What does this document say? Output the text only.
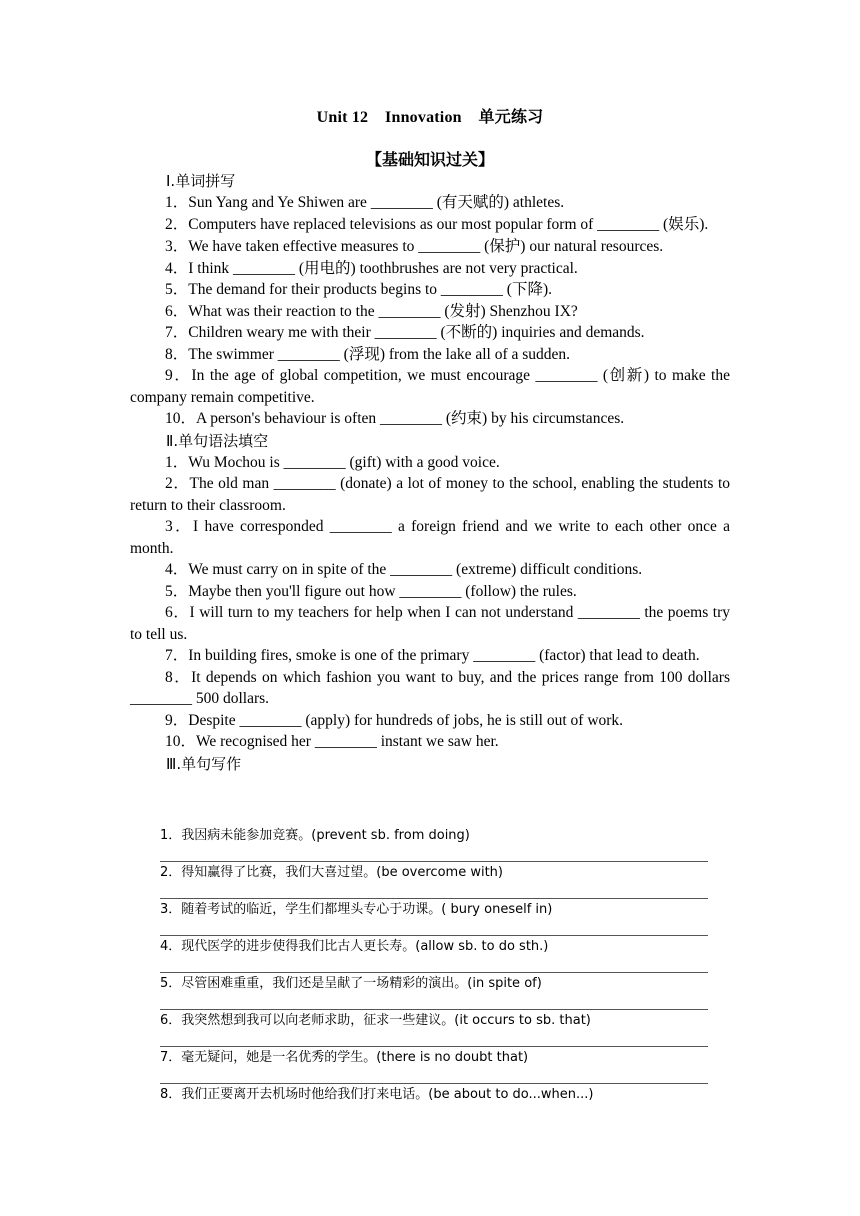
Unit 12    Innovation    单元练习
【基础知识过关】
Ⅰ.单词拼写
1．Sun Yang and Ye Shiwen are ________ (有天赋的) athletes.
2．Computers have replaced televisions as our most popular form of ________ (娱乐).
3．We have taken effective measures to ________ (保护) our natural resources.
4．I think ________ (用电的) toothbrushes are not very practical.
5．The demand for their products begins to ________ (下降).
6．What was their reaction to the ________ (发射) Shenzhou IX?
7．Children weary me with their ________ (不断的) inquiries and demands.
8．The swimmer ________ (浮现) from the lake all of a sudden.
9．In the age of global competition, we must encourage ________ (创新) to make the company remain competitive.
10．A person's behaviour is often ________ (约束) by his circumstances.
Ⅱ.单句语法填空
1．Wu Mochou is ________ (gift) with a good voice.
2．The old man ________ (donate) a lot of money to the school, enabling the students to return to their classroom.
3．I have corresponded ________ a foreign friend and we write to each other once a month.
4．We must carry on in spite of the ________ (extreme) difficult conditions.
5．Maybe then you'll figure out how ________ (follow) the rules.
6．I will turn to my teachers for help when I can not understand ________ the poems try to tell us.
7．In building fires, smoke is one of the primary ________ (factor) that lead to death.
8．It depends on which fashion you want to buy, and the prices range from 100 dollars ________ 500 dollars.
9．Despite ________ (apply) for hundreds of jobs, he is still out of work.
10．We recognised her ________ instant we saw her.
Ⅲ.单句写作
1．我因病未能参加竞赛。(prevent sb. from doing)
2．得知赢得了比赛，我们大喜过望。(be overcome with)
3．随着考试的临近，学生们都埋头专心于功课。( bury oneself in)
4．现代医学的进步使得我们比古人更长寿。(allow sb. to do sth.)
5．尽管困难重重，我们还是呈献了一场精彩的演出。(in spite of)
6．我突然想到我可以向老师求助，征求一些建议。(it occurs to sb. that)
7．毫无疑问，她是一名优秀的学生。(there is no doubt that)
8．我们正要离开去机场时他给我们打来电话。(be about to do...when...)
